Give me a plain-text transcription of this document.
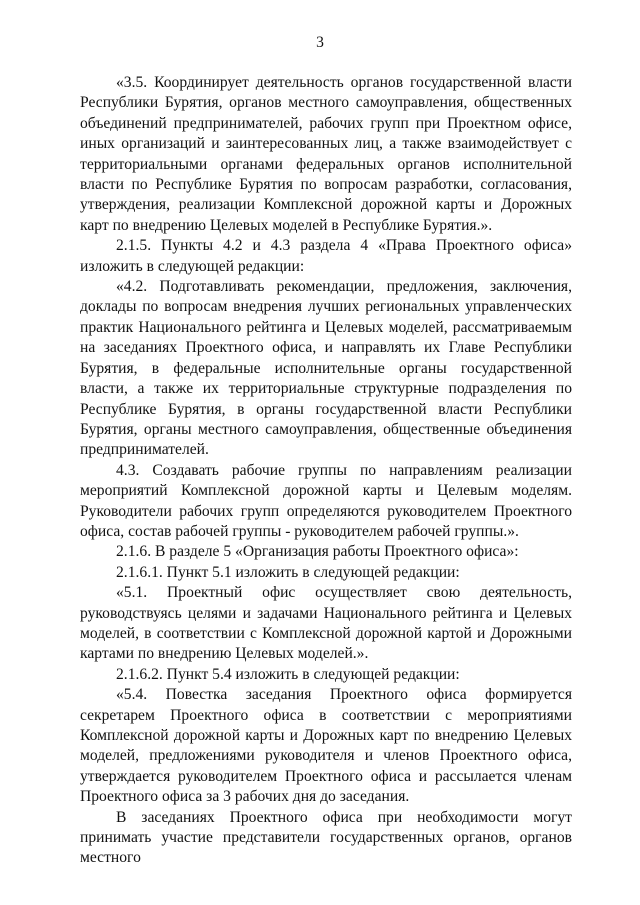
3

«3.5. Координирует деятельность органов государственной власти Республики Бурятия, органов местного самоуправления, общественных объединений предпринимателей, рабочих групп при Проектном офисе, иных организаций и заинтересованных лиц, а также взаимодействует с территориальными органами федеральных органов исполнительной власти по Республике Бурятия по вопросам разработки, согласования, утверждения, реализации Комплексной дорожной карты и Дорожных карт по внедрению Целевых моделей в Республике Бурятия.».

2.1.5. Пункты 4.2 и 4.3 раздела 4 «Права Проектного офиса» изложить в следующей редакции:

«4.2. Подготавливать рекомендации, предложения, заключения, доклады по вопросам внедрения лучших региональных управленческих практик Национального рейтинга и Целевых моделей, рассматриваемым на заседаниях Проектного офиса, и направлять их Главе Республики Бурятия, в федеральные исполнительные органы государственной власти, а также их территориальные структурные подразделения по Республике Бурятия, в органы государственной власти Республики Бурятия, органы местного самоуправления, общественные объединения предпринимателей.

4.3. Создавать рабочие группы по направлениям реализации мероприятий Комплексной дорожной карты и Целевым моделям. Руководители рабочих групп определяются руководителем Проектного офиса, состав рабочей группы - руководителем рабочей группы.».

2.1.6. В разделе 5 «Организация работы Проектного офиса»:

2.1.6.1. Пункт 5.1 изложить в следующей редакции:

«5.1. Проектный офис осуществляет свою деятельность, руководствуясь целями и задачами Национального рейтинга и Целевых моделей, в соответствии с Комплексной дорожной картой и Дорожными картами по внедрению Целевых моделей.».

2.1.6.2. Пункт 5.4 изложить в следующей редакции:

«5.4. Повестка заседания Проектного офиса формируется секретарем Проектного офиса в соответствии с мероприятиями Комплексной дорожной карты и Дорожных карт по внедрению Целевых моделей, предложениями руководителя и членов Проектного офиса, утверждается руководителем Проектного офиса и рассылается членам Проектного офиса за 3 рабочих дня до заседания.

В заседаниях Проектного офиса при необходимости могут принимать участие представители государственных органов, органов местного
